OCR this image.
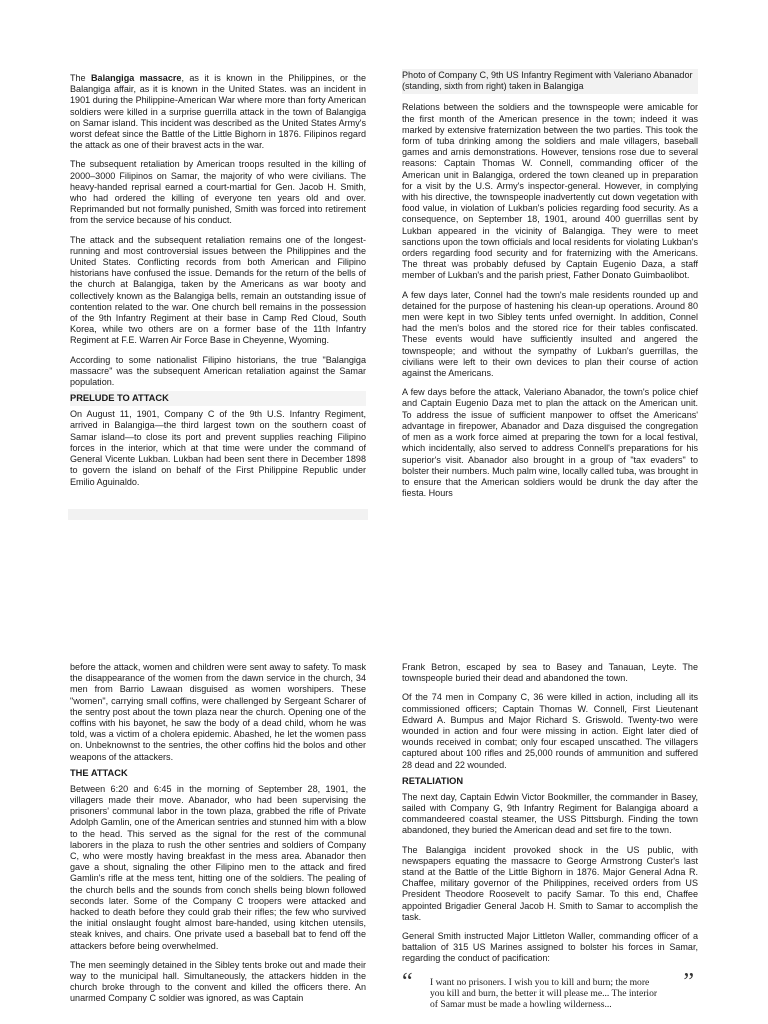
The Balangiga massacre, as it is known in the Philippines, or the Balangiga affair, as it is known in the United States. was an incident in 1901 during the Philippine-American War where more than forty American soldiers were killed in a surprise guerrilla attack in the town of Balangiga on Samar island. This incident was described as the United States Army's worst defeat since the Battle of the Little Bighorn in 1876. Filipinos regard the attack as one of their bravest acts in the war.

The subsequent retaliation by American troops resulted in the killing of 2000–3000 Filipinos on Samar, the majority of who were civilians. The heavy-handed reprisal earned a court-martial for Gen. Jacob H. Smith, who had ordered the killing of everyone ten years old and over. Reprimanded but not formally punished, Smith was forced into retirement from the service because of his conduct.

The attack and the subsequent retaliation remains one of the longest-running and most controversial issues between the Philippines and the United States. Conflicting records from both American and Filipino historians have confused the issue. Demands for the return of the bells of the church at Balangiga, taken by the Americans as war booty and collectively known as the Balangiga bells, remain an outstanding issue of contention related to the war. One church bell remains in the possession of the 9th Infantry Regiment at their base in Camp Red Cloud, South Korea, while two others are on a former base of the 11th Infantry Regiment at F.E. Warren Air Force Base in Cheyenne, Wyoming.

According to some nationalist Filipino historians, the true "Balangiga massacre" was the subsequent American retaliation against the Samar population.

PRELUDE TO ATTACK

On August 11, 1901, Company C of the 9th U.S. Infantry Regiment, arrived in Balangiga—the third largest town on the southern coast of Samar island—to close its port and prevent supplies reaching Filipino forces in the interior, which at that time were under the command of General Vicente Lukban. Lukban had been sent there in December 1898 to govern the island on behalf of the First Philippine Republic under Emilio Aguinaldo.

Photo of Company C, 9th US Infantry Regiment with Valeriano Abanador (standing, sixth from right) taken in Balangiga

Relations between the soldiers and the townspeople were amicable for the first month of the American presence in the town; indeed it was marked by extensive fraternization between the two parties. This took the form of tuba drinking among the soldiers and male villagers, baseball games and arnis demonstrations. However, tensions rose due to several reasons: Captain Thomas W. Connell, commanding officer of the American unit in Balangiga, ordered the town cleaned up in preparation for a visit by the U.S. Army's inspector-general. However, in complying with his directive, the townspeople inadvertently cut down vegetation with food value, in violation of Lukban's policies regarding food security. As a consequence, on September 18, 1901, around 400 guerrillas sent by Lukban appeared in the vicinity of Balangiga. They were to meet sanctions upon the town officials and local residents for violating Lukban's orders regarding food security and for fraternizing with the Americans. The threat was probably defused by Captain Eugenio Daza, a staff member of Lukban's and the parish priest, Father Donato Guimbaolibot.

A few days later, Connel had the town's male residents rounded up and detained for the purpose of hastening his clean-up operations. Around 80 men were kept in two Sibley tents unfed overnight. In addition, Connel had the men's bolos and the stored rice for their tables confiscated. These events would have sufficiently insulted and angered the townspeople; and without the sympathy of Lukban's guerrillas, the civilians were left to their own devices to plan their course of action against the Americans.

A few days before the attack, Valeriano Abanador, the town's police chief and Captain Eugenio Daza met to plan the attack on the American unit. To address the issue of sufficient manpower to offset the Americans' advantage in firepower, Abanador and Daza disguised the congregation of men as a work force aimed at preparing the town for a local festival, which incidentally, also served to address Connell's preparations for his superior's visit. Abanador also brought in a group of "tax evaders" to bolster their numbers. Much palm wine, locally called tuba, was brought in to ensure that the American soldiers would be drunk the day after the fiesta. Hours

before the attack, women and children were sent away to safety. To mask the disappearance of the women from the dawn service in the church, 34 men from Barrio Lawaan disguised as women worshipers. These "women", carrying small coffins, were challenged by Sergeant Scharer of the sentry post about the town plaza near the church. Opening one of the coffins with his bayonet, he saw the body of a dead child, whom he was told, was a victim of a cholera epidemic. Abashed, he let the women pass on. Unbeknownst to the sentries, the other coffins hid the bolos and other weapons of the attackers.

THE ATTACK

Between 6:20 and 6:45 in the morning of September 28, 1901, the villagers made their move. Abanador, who had been supervising the prisoners' communal labor in the town plaza, grabbed the rifle of Private Adolph Gamlin, one of the American sentries and stunned him with a blow to the head. This served as the signal for the rest of the communal laborers in the plaza to rush the other sentries and soldiers of Company C, who were mostly having breakfast in the mess area. Abanador then gave a shout, signaling the other Filipino men to the attack and fired Gamlin's rifle at the mess tent, hitting one of the soldiers. The pealing of the church bells and the sounds from conch shells being blown followed seconds later. Some of the Company C troopers were attacked and hacked to death before they could grab their rifles; the few who survived the initial onslaught fought almost bare-handed, using kitchen utensils, steak knives, and chairs. One private used a baseball bat to fend off the attackers before being overwhelmed.

The men seemingly detained in the Sibley tents broke out and made their way to the municipal hall. Simultaneously, the attackers hidden in the church broke through to the convent and killed the officers there. An unarmed Company C soldier was ignored, as was Captain

Frank Betron, escaped by sea to Basey and Tanauan, Leyte. The townspeople buried their dead and abandoned the town.

Of the 74 men in Company C, 36 were killed in action, including all its commissioned officers; Captain Thomas W. Connell, First Lieutenant Edward A. Bumpus and Major Richard S. Griswold. Twenty-two were wounded in action and four were missing in action. Eight later died of wounds received in combat; only four escaped unscathed. The villagers captured about 100 rifles and 25,000 rounds of ammunition and suffered 28 dead and 22 wounded.

RETALIATION

The next day, Captain Edwin Victor Bookmiller, the commander in Basey, sailed with Company G, 9th Infantry Regiment for Balangiga aboard a commandeered coastal steamer, the USS Pittsburgh. Finding the town abandoned, they buried the American dead and set fire to the town.

The Balangiga incident provoked shock in the US public, with newspapers equating the massacre to George Armstrong Custer's last stand at the Battle of the Little Bighorn in 1876. Major General Adna R. Chaffee, military governor of the Philippines, received orders from US President Theodore Roosevelt to pacify Samar. To this end, Chaffee appointed Brigadier General Jacob H. Smith to Samar to accomplish the task.

General Smith instructed Major Littleton Waller, commanding officer of a battalion of 315 US Marines assigned to bolster his forces in Samar, regarding the conduct of pacification:

“ I want no prisoners. I wish you to kill and burn; the more you kill and burn, the better it will please me... The interior of Samar must be made a howling wilderness...
”
